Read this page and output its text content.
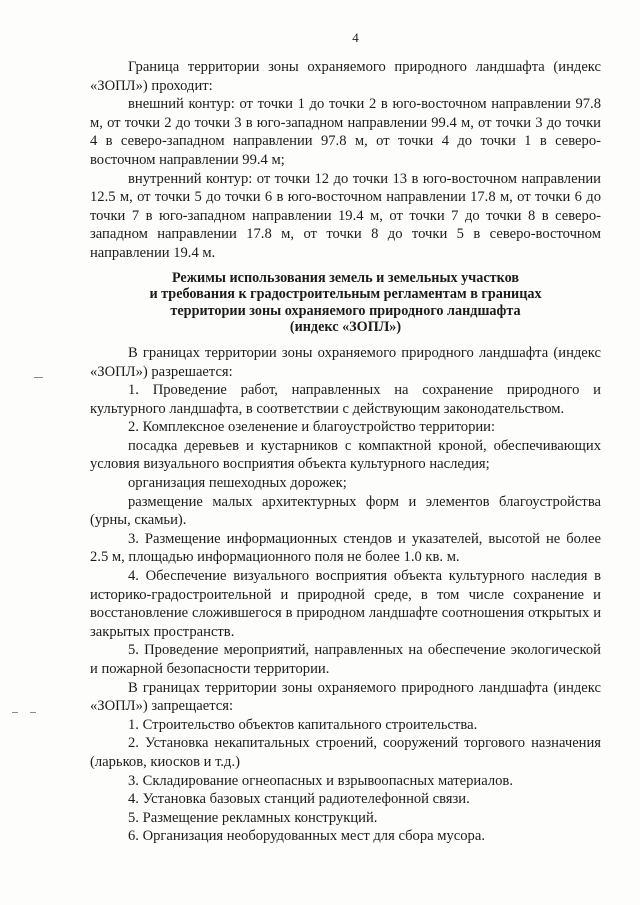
4

Граница территории зоны охраняемого природного ландшафта (индекс «ЗОПЛ») проходит:

внешний контур: от точки 1 до точки 2 в юго-восточном направлении 97.8 м, от точки 2 до точки 3 в юго-западном направлении 99.4 м, от точки 3 до точки 4 в северо-западном направлении 97.8 м, от точки 4 до точки 1 в северо-восточном направлении 99.4 м;

внутренний контур: от точки 12 до точки 13 в юго-восточном направлении 12.5 м, от точки 5 до точки 6 в юго-восточном направлении 17.8 м, от точки 6 до точки 7 в юго-западном направлении 19.4 м, от точки 7 до точки 8 в северо-западном направлении 17.8 м, от точки 8 до точки 5 в северо-восточном направлении 19.4 м.

Режимы использования земель и земельных участков
и требования к градостроительным регламентам в границах
территории зоны охраняемого природного ландшафта
(индекс «ЗОПЛ»)

В границах территории зоны охраняемого природного ландшафта (индекс «ЗОПЛ») разрешается:

1. Проведение работ, направленных на сохранение природного и культурного ландшафта, в соответствии с действующим законодательством.

2. Комплексное озеленение и благоустройство территории:

посадка деревьев и кустарников с компактной кроной, обеспечивающих условия визуального восприятия объекта культурного наследия;

организация пешеходных дорожек;

размещение малых архитектурных форм и элементов благоустройства (урны, скамьи).

3. Размещение информационных стендов и указателей, высотой не более 2.5 м, площадью информационного поля не более 1.0 кв. м.

4. Обеспечение визуального восприятия объекта культурного наследия в историко-градостроительной и природной среде, в том числе сохранение и восстановление сложившегося в природном ландшафте соотношения открытых и закрытых пространств.

5. Проведение мероприятий, направленных на обеспечение экологической и пожарной безопасности территории.

В границах территории зоны охраняемого природного ландшафта (индекс «ЗОПЛ») запрещается:

1. Строительство объектов капитального строительства.

2. Установка некапитальных строений, сооружений торгового назначения (ларьков, киосков и т.д.)

3. Складирование огнеопасных и взрывоопасных материалов.

4. Установка базовых станций радиотелефонной связи.

5. Размещение рекламных конструкций.

6. Организация необорудованных мест для сбора мусора.
